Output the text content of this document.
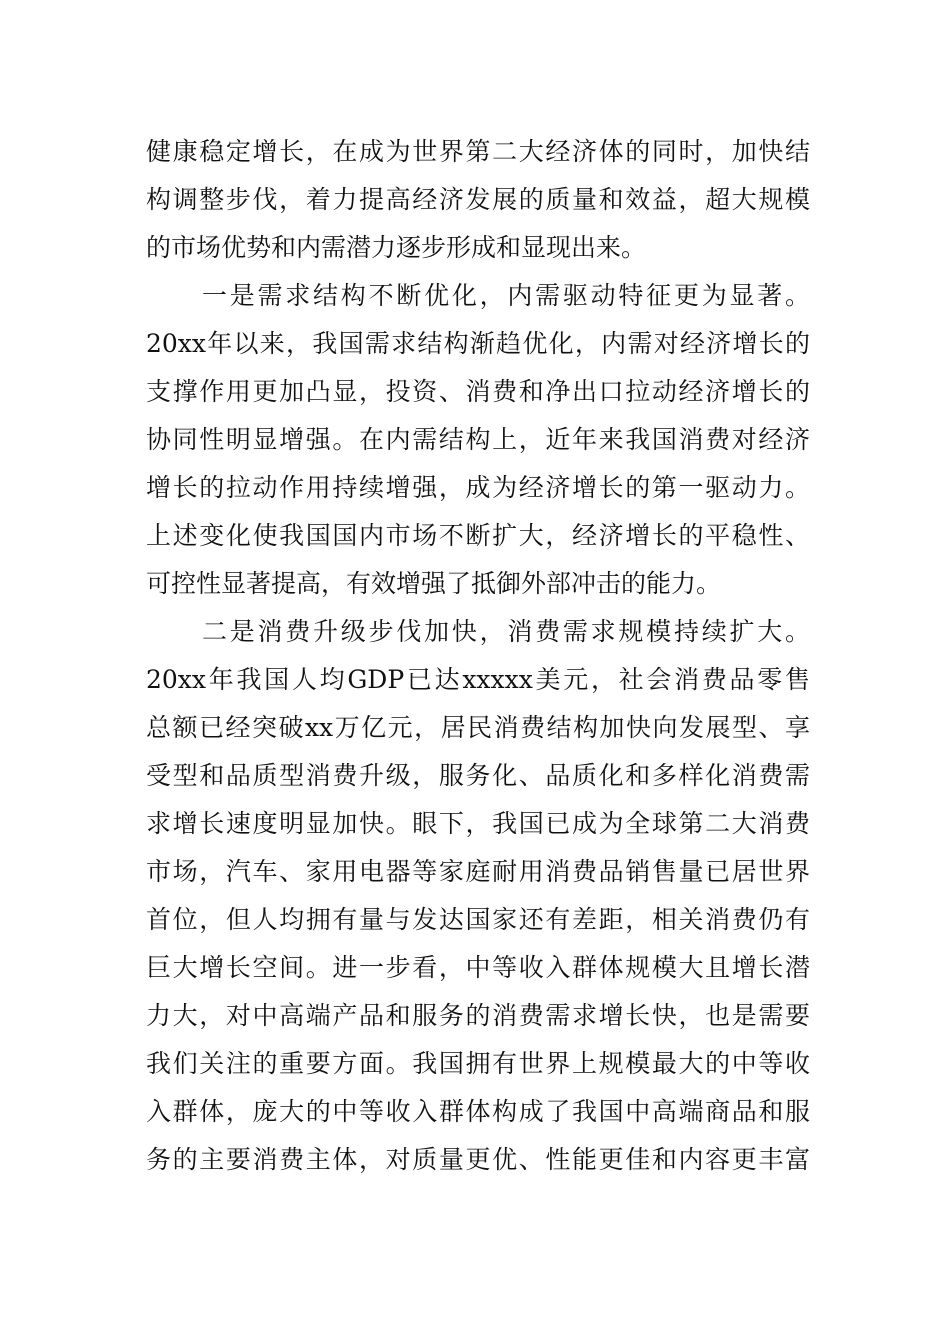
健康稳定增长，在成为世界第二大经济体的同时，加快结
构调整步伐，着力提高经济发展的质量和效益，超大规模
的市场优势和内需潜力逐步形成和显现出来。
一是需求结构不断优化，内需驱动特征更为显著。
20xx年以来，我国需求结构渐趋优化，内需对经济增长的
支撑作用更加凸显，投资、消费和净出口拉动经济增长的
协同性明显增强。在内需结构上，近年来我国消费对经济
增长的拉动作用持续增强，成为经济增长的第一驱动力。
上述变化使我国国内市场不断扩大，经济增长的平稳性、
可控性显著提高，有效增强了抵御外部冲击的能力。
二是消费升级步伐加快，消费需求规模持续扩大。
20xx年我国人均GDP已达xxxxx美元，社会消费品零售
总额已经突破xx万亿元，居民消费结构加快向发展型、享
受型和品质型消费升级，服务化、品质化和多样化消费需
求增长速度明显加快。眼下，我国已成为全球第二大消费
市场，汽车、家用电器等家庭耐用消费品销售量已居世界
首位，但人均拥有量与发达国家还有差距，相关消费仍有
巨大增长空间。进一步看，中等收入群体规模大且增长潜
力大，对中高端产品和服务的消费需求增长快，也是需要
我们关注的重要方面。我国拥有世界上规模最大的中等收
入群体，庞大的中等收入群体构成了我国中高端商品和服
务的主要消费主体，对质量更优、性能更佳和内容更丰富
